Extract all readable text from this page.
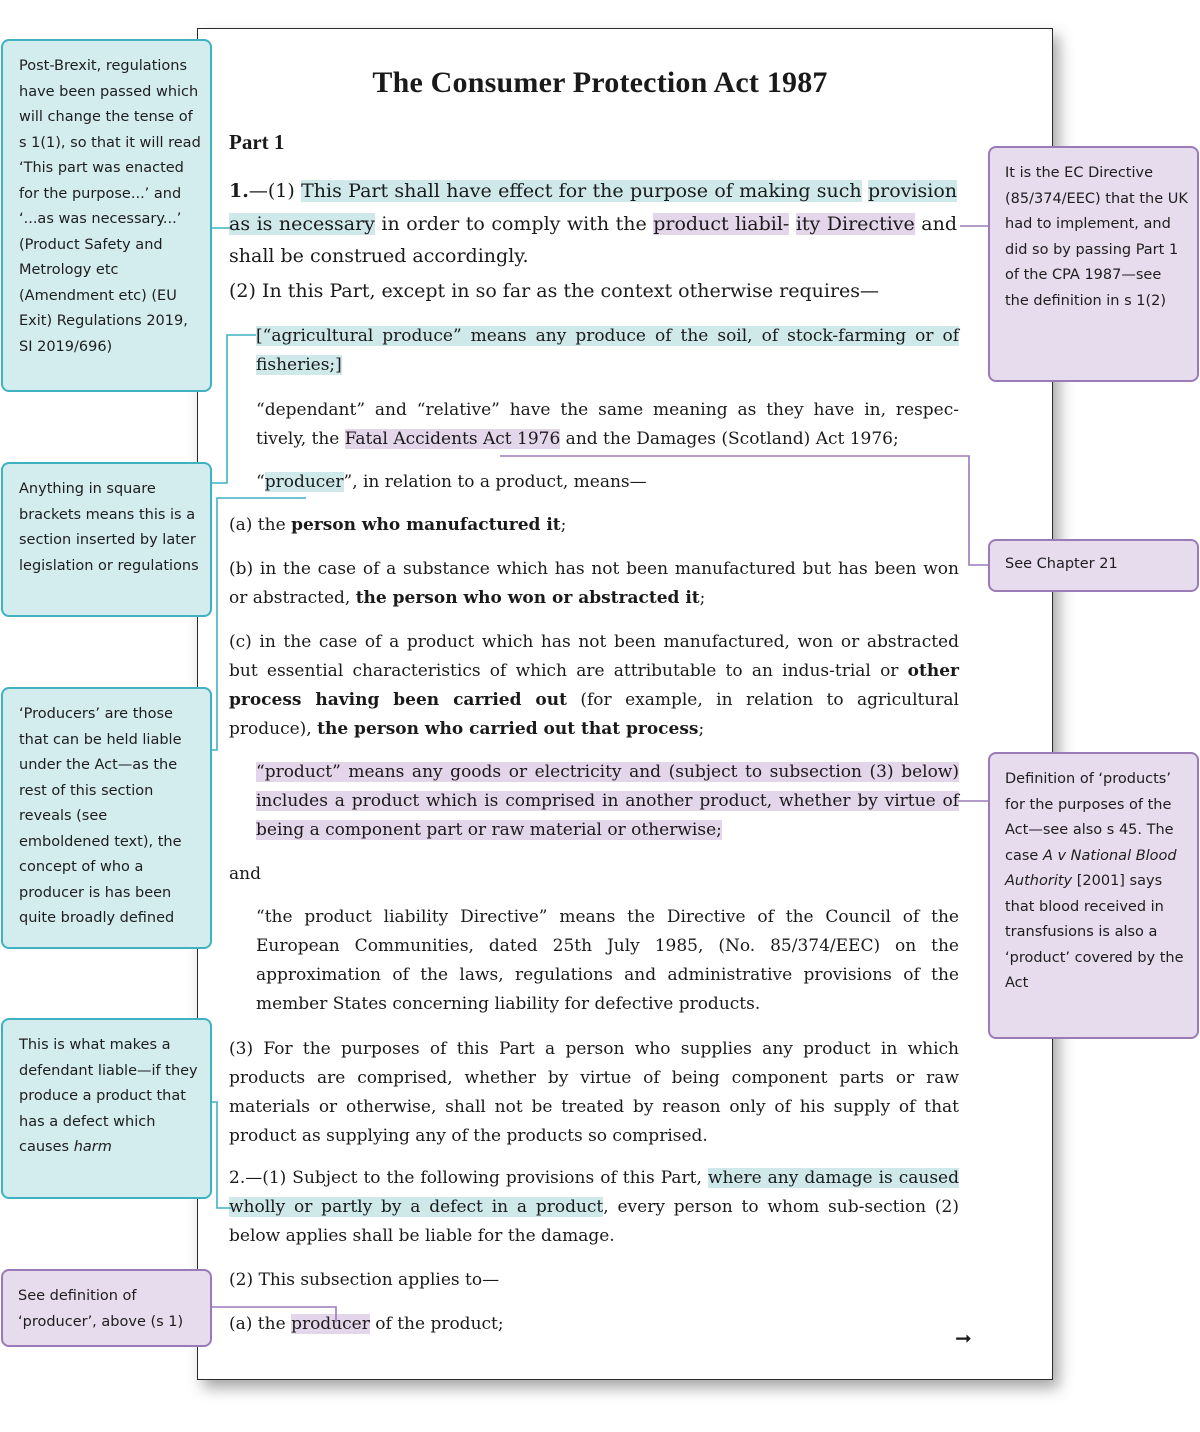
The Consumer Protection Act 1987
Part 1

1.—(1) This Part shall have effect for the purpose of making such provision as is necessary in order to comply with the product liabil- ity Directive and shall be construed accordingly.

(2) In this Part, except in so far as the context otherwise requires—

[“agricultural produce” means any produce of the soil, of stock-farming or of fisheries;]

“dependant” and “relative” have the same meaning as they have in, respec-tively, the Fatal Accidents Act 1976 and the Damages (Scotland) Act 1976;

“producer”, in relation to a product, means—

(a) the person who manufactured it;

(b) in the case of a substance which has not been manufactured but has been won or abstracted, the person who won or abstracted it;

(c) in the case of a product which has not been manufactured, won or abstracted but essential characteristics of which are attributable to an indus-trial or other process having been carried out (for example, in relation to agricultural produce), the person who carried out that process;

“product” means any goods or electricity and (subject to subsection (3) below) includes a product which is comprised in another product, whether by virtue of being a component part or raw material or otherwise;

and

“the product liability Directive” means the Directive of the Council of the European Communities, dated 25th July 1985, (No. 85/374/EEC) on the approximation of the laws, regulations and administrative provisions of the member States concerning liability for defective products.

(3) For the purposes of this Part a person who supplies any product in which products are comprised, whether by virtue of being component parts or raw materials or otherwise, shall not be treated by reason only of his supply of that product as supplying any of the products so comprised.

2.—(1) Subject to the following provisions of this Part, where any damage is caused wholly or partly by a defect in a product, every person to whom sub-section (2) below applies shall be liable for the damage.

(2) This subsection applies to—

(a) the producer of the product;

➞
Post-Brexit, regulations have been passed which will change the tense of s 1(1), so that it will read ‘This part was enacted for the purpose...’ and ‘...as was necessary...’ (Product Safety and Metrology etc (Amendment etc) (EU Exit) Regulations 2019, SI 2019/696)
Anything in square brackets means this is a section inserted by later legislation or regulations
‘Producers’ are those that can be held liable under the Act—as the rest of this section reveals (see emboldened text), the concept of who a producer is has been quite broadly defined
This is what makes a defendant liable—if they produce a product that has a defect which causes harm
See definition of ‘producer’, above (s 1)
It is the EC Directive (85/374/EEC) that the UK had to implement, and did so by passing Part 1 of the CPA 1987—see the definition in s 1(2)
See Chapter 21
Definition of ‘products’ for the purposes of the Act—see also s 45. The case A v National Blood Authority [2001] says that blood received in transfusions is also a ‘product’ covered by the Act
